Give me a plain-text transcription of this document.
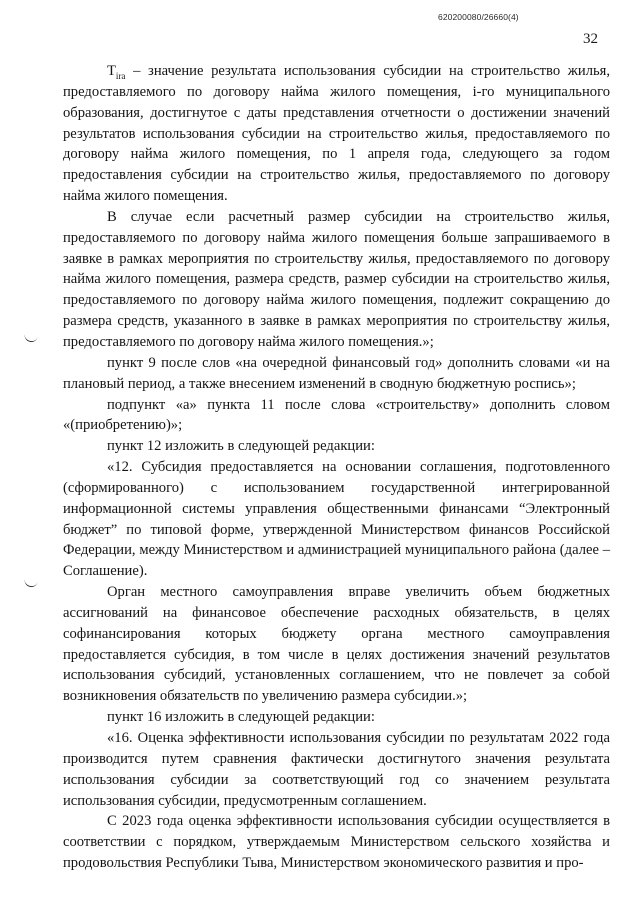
620200080/26660(4)
32

$T_{ira}$ – значение результата использования субсидии на строительство жилья, предоставляемого по договору найма жилого помещения, i-го муниципального образования, достигнутое с даты представления отчетности о достижении значений результатов использования субсидии на строительство жилья, предоставляемого по договору найма жилого помещения, по 1 апреля года, следующего за годом предоставления субсидии на строительство жилья, предоставляемого по договору найма жилого помещения.

В случае если расчетный размер субсидии на строительство жилья, предоставляемого по договору найма жилого помещения больше запрашиваемого в заявке в рамках мероприятия по строительству жилья, предоставляемого по договору найма жилого помещения, размера средств, размер субсидии на строительство жилья, предоставляемого по договору найма жилого помещения, подлежит сокращению до размера средств, указанного в заявке в рамках мероприятия по строительству жилья, предоставляемого по договору найма жилого помещения.»;

пункт 9 после слов «на очередной финансовый год» дополнить словами «и на плановый период, а также внесением изменений в сводную бюджетную роспись»;

подпункт «а» пункта 11 после слова «строительству» дополнить словом «(приобретению)»;

пункт 12 изложить в следующей редакции:

«12. Субсидия предоставляется на основании соглашения, подготовленного (сформированного) с использованием государственной интегрированной информационной системы управления общественными финансами “Электронный бюджет” по типовой форме, утвержденной Министерством финансов Российской Федерации, между Министерством и администрацией муниципального района (далее – Соглашение).

Орган местного самоуправления вправе увеличить объем бюджетных ассигнований на финансовое обеспечение расходных обязательств, в целях софинансирования которых бюджету органа местного самоуправления предоставляется субсидия, в том числе в целях достижения значений результатов использования субсидий, установленных соглашением, что не повлечет за собой возникновения обязательств по увеличению размера субсидии.»;

пункт 16 изложить в следующей редакции:

«16. Оценка эффективности использования субсидии по результатам 2022 года производится путем сравнения фактически достигнутого значения результата использования субсидии за соответствующий год со значением результата использования субсидии, предусмотренным соглашением.

С 2023 года оценка эффективности использования субсидии осуществляется в соответствии с порядком, утверждаемым Министерством сельского хозяйства и продовольствия Республики Тыва, Министерством экономического развития и про-
